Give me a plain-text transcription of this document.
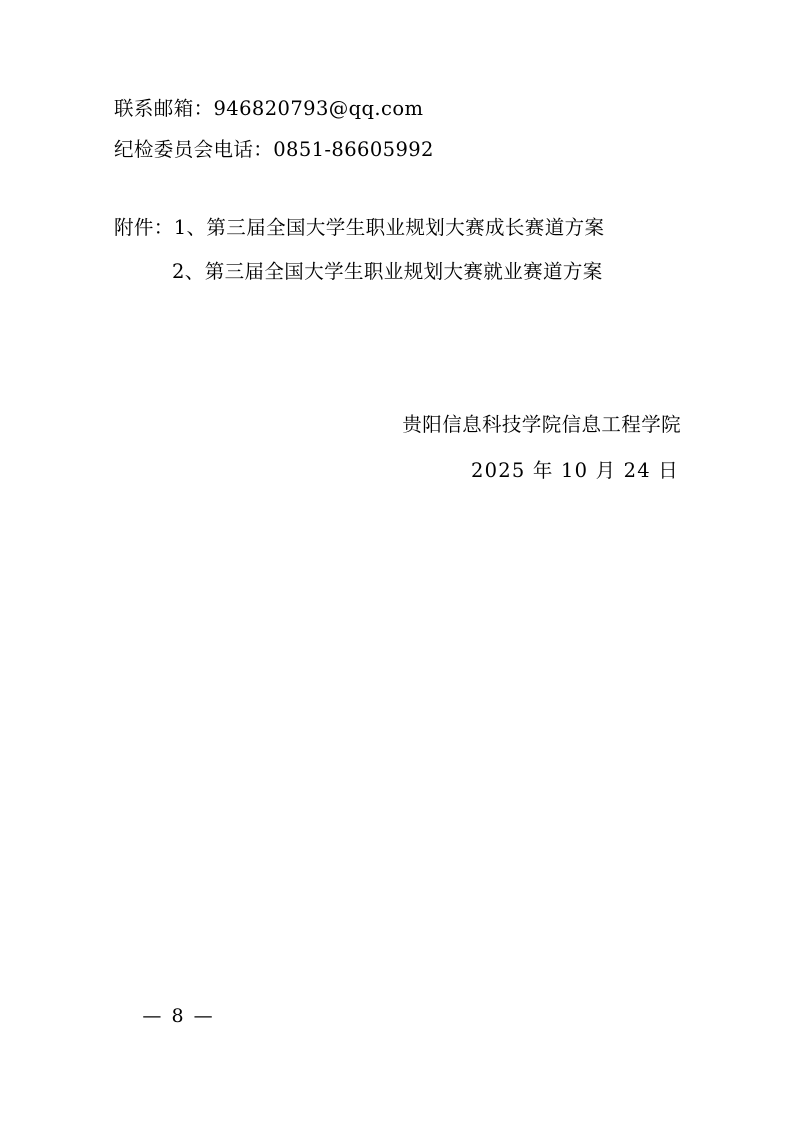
联系邮箱：946820793@qq.com
纪检委员会电话：0851-86605992
附件：1、第三届全国大学生职业规划大赛成长赛道方案
2、第三届全国大学生职业规划大赛就业赛道方案
贵阳信息科技学院信息工程学院
2025 年 10 月 24 日
— 8 —
